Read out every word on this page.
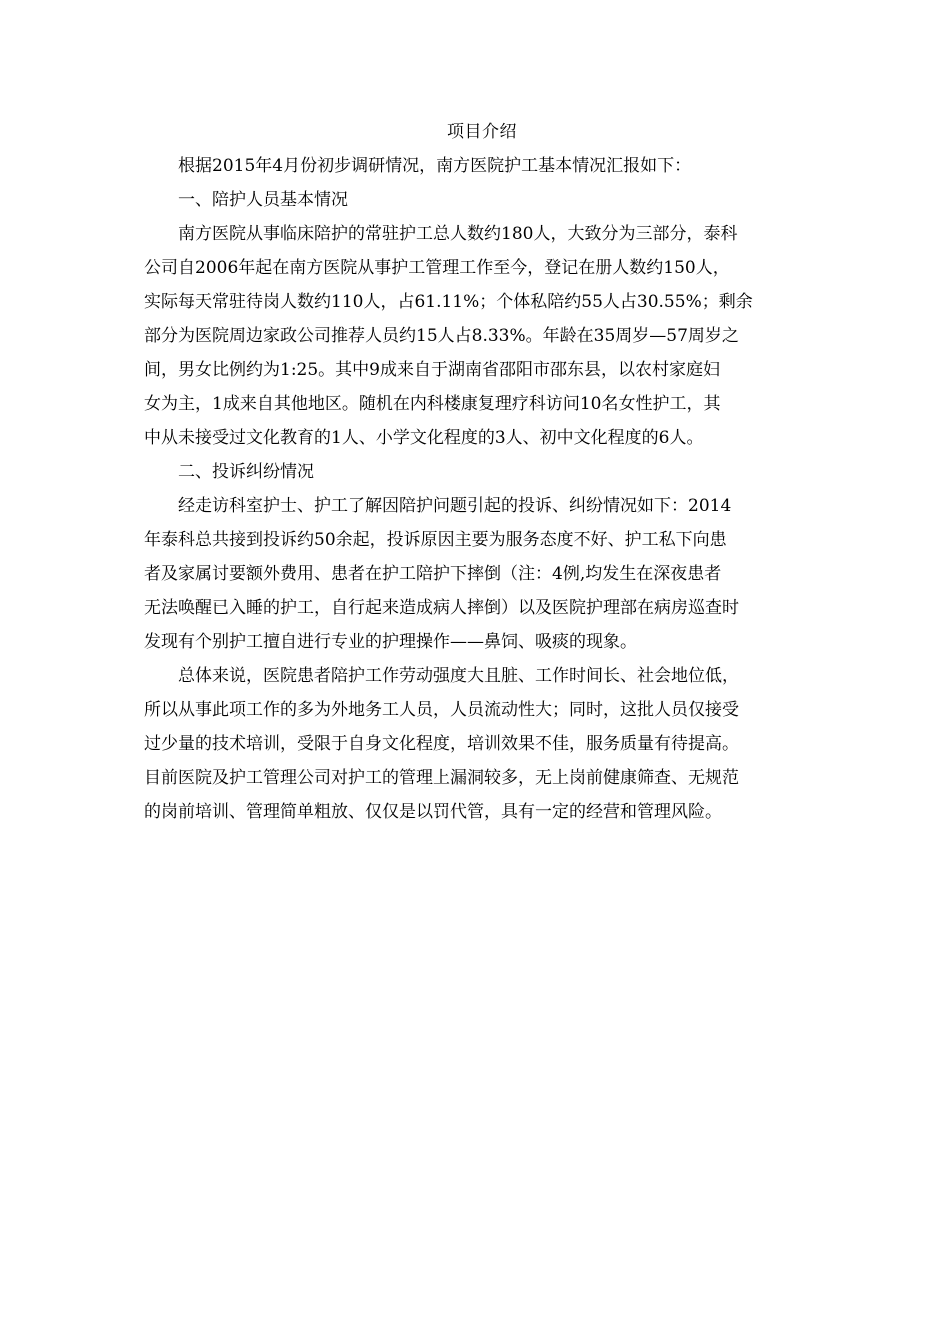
项目介绍

根据2015年4月份初步调研情况，南方医院护工基本情况汇报如下：

一、陪护人员基本情况

南方医院从事临床陪护的常驻护工总人数约180人，大致分为三部分，泰科

公司自2006年起在南方医院从事护工管理工作至今，登记在册人数约150人，

实际每天常驻待岗人数约110人，占61.11%；个体私陪约55人占30.55%；剩余

部分为医院周边家政公司推荐人员约15人占8.33%。年龄在35周岁—57周岁之

间，男女比例约为1:25。其中9成来自于湖南省邵阳市邵东县，以农村家庭妇

女为主，1成来自其他地区。随机在内科楼康复理疗科访问10名女性护工，其

中从未接受过文化教育的1人、小学文化程度的3人、初中文化程度的6人。

二、投诉纠纷情况

经走访科室护士、护工了解因陪护问题引起的投诉、纠纷情况如下：2014

年泰科总共接到投诉约50余起，投诉原因主要为服务态度不好、护工私下向患

者及家属讨要额外费用、患者在护工陪护下摔倒（注：4例,均发生在深夜患者

无法唤醒已入睡的护工，自行起来造成病人摔倒）以及医院护理部在病房巡查时

发现有个别护工擅自进行专业的护理操作——鼻饲、吸痰的现象。

总体来说，医院患者陪护工作劳动强度大且脏、工作时间长、社会地位低，

所以从事此项工作的多为外地务工人员，人员流动性大；同时，这批人员仅接受

过少量的技术培训，受限于自身文化程度，培训效果不佳，服务质量有待提高。

目前医院及护工管理公司对护工的管理上漏洞较多，无上岗前健康筛查、无规范

的岗前培训、管理简单粗放、仅仅是以罚代管，具有一定的经营和管理风险。
